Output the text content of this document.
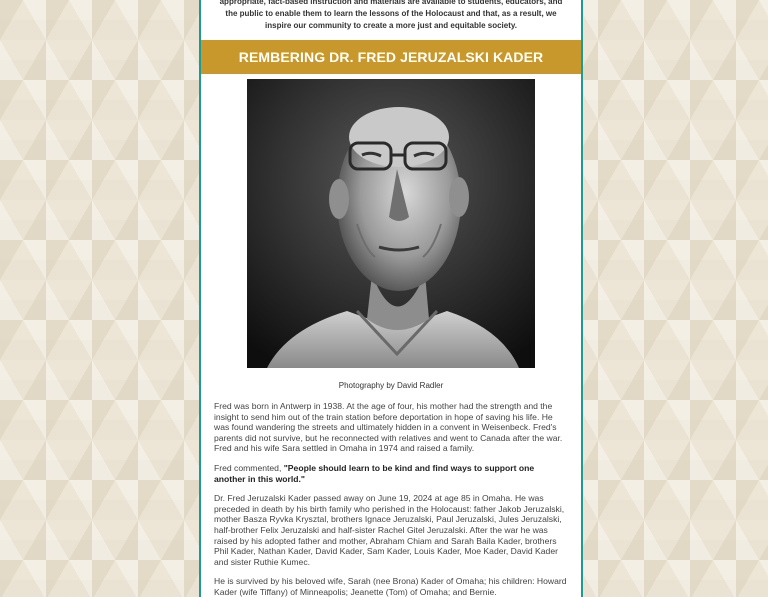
appropriate, fact-based instruction and materials are available to students, educators, and the public to enable them to learn the lessons of the Holocaust and that, as a result, we inspire our community to create a more just and equitable society.

REMBERING DR. FRED JERUZALSKI KADER
Photography by David Radler

Fred was born in Antwerp in 1938. At the age of four, his mother had the strength and the insight to send him out of the train station before deportation in hope of saving his life. He was found wandering the streets and ultimately hidden in a convent in Weisenbeck. Fred's parents did not survive, but he reconnected with relatives and went to Canada after the war. Fred and his wife Sara settled in Omaha in 1974 and raised a family.

Fred commented, "People should learn to be kind and find ways to support one another in this world."

Dr. Fred Jeruzalski Kader passed away on June 19, 2024 at age 85 in Omaha. He was preceded in death by his birth family who perished in the Holocaust: father Jakob Jeruzalski, mother Basza Ryvka Krysztal, brothers Ignace Jeruzalski, Paul Jeruzalski, Jules Jeruzalski, half-brother Felix Jeruzalski and half-sister Rachel Gitel Jeruzalski. After the war he was raised by his adopted father and mother, Abraham Chiam and Sarah Baila Kader, brothers Phil Kader, Nathan Kader, David Kader, Sam Kader, Louis Kader, Moe Kader, David Kader and sister Ruthie Kumec.

He is survived by his beloved wife, Sarah (nee Brona) Kader of Omaha; his children: Howard Kader (wife Tiffany) of Minneapolis; Jeanette (Tom) of Omaha; and Bernie.
